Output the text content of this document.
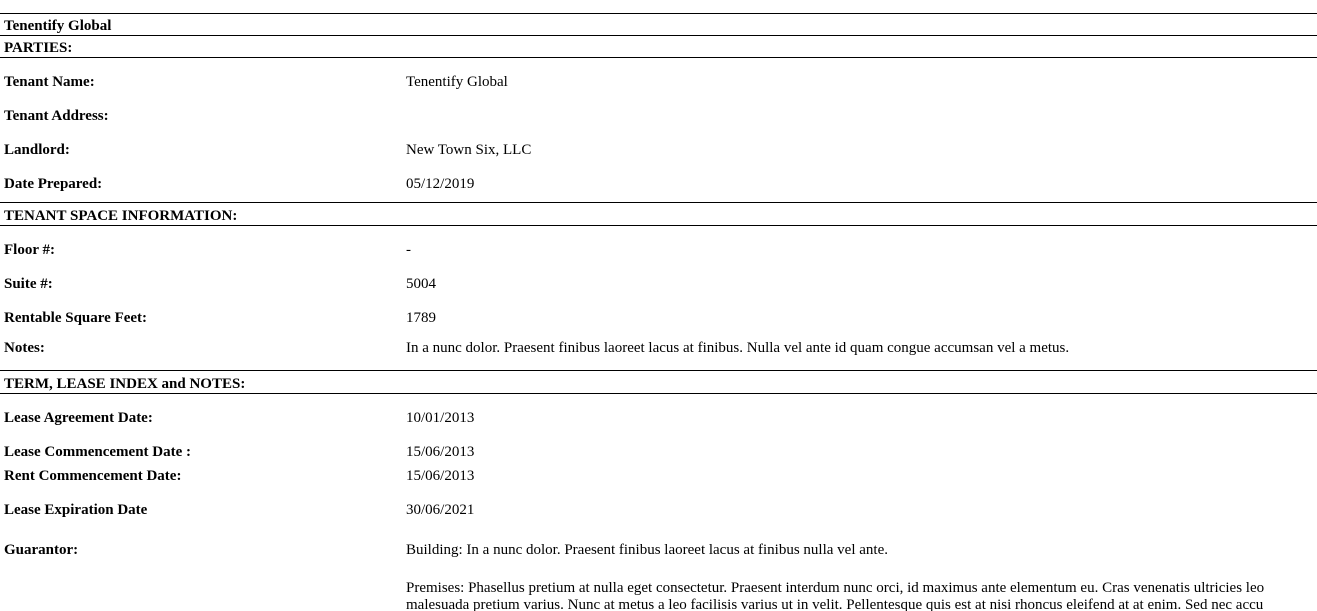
Tenentify Global
PARTIES:
Tenant Name:	Tenentify Global
Tenant Address:
Landlord:	New Town Six, LLC
Date Prepared:	05/12/2019
TENANT SPACE INFORMATION:
Floor #:	-
Suite #:	5004
Rentable Square Feet:	1789
Notes:	In a nunc dolor. Praesent finibus laoreet lacus at finibus. Nulla vel ante id quam congue accumsan vel a metus.
TERM, LEASE INDEX and NOTES:
Lease Agreement Date:	10/01/2013
Lease Commencement Date :	15/06/2013
Rent Commencement Date:	15/06/2013
Lease Expiration Date	30/06/2021
Guarantor:	Building: In a nunc dolor. Praesent finibus laoreet lacus at finibus nulla vel ante.
Premises: Phasellus pretium at nulla eget consectetur. Praesent interdum nunc orci, id maximus ante elementum eu. Cras venenatis ultricies leo
malesuada pretium varius. Nunc at metus a leo facilisis varius ut in velit. Pellentesque quis est at nisi rhoncus eleifend at at enim. Sed nec accu
